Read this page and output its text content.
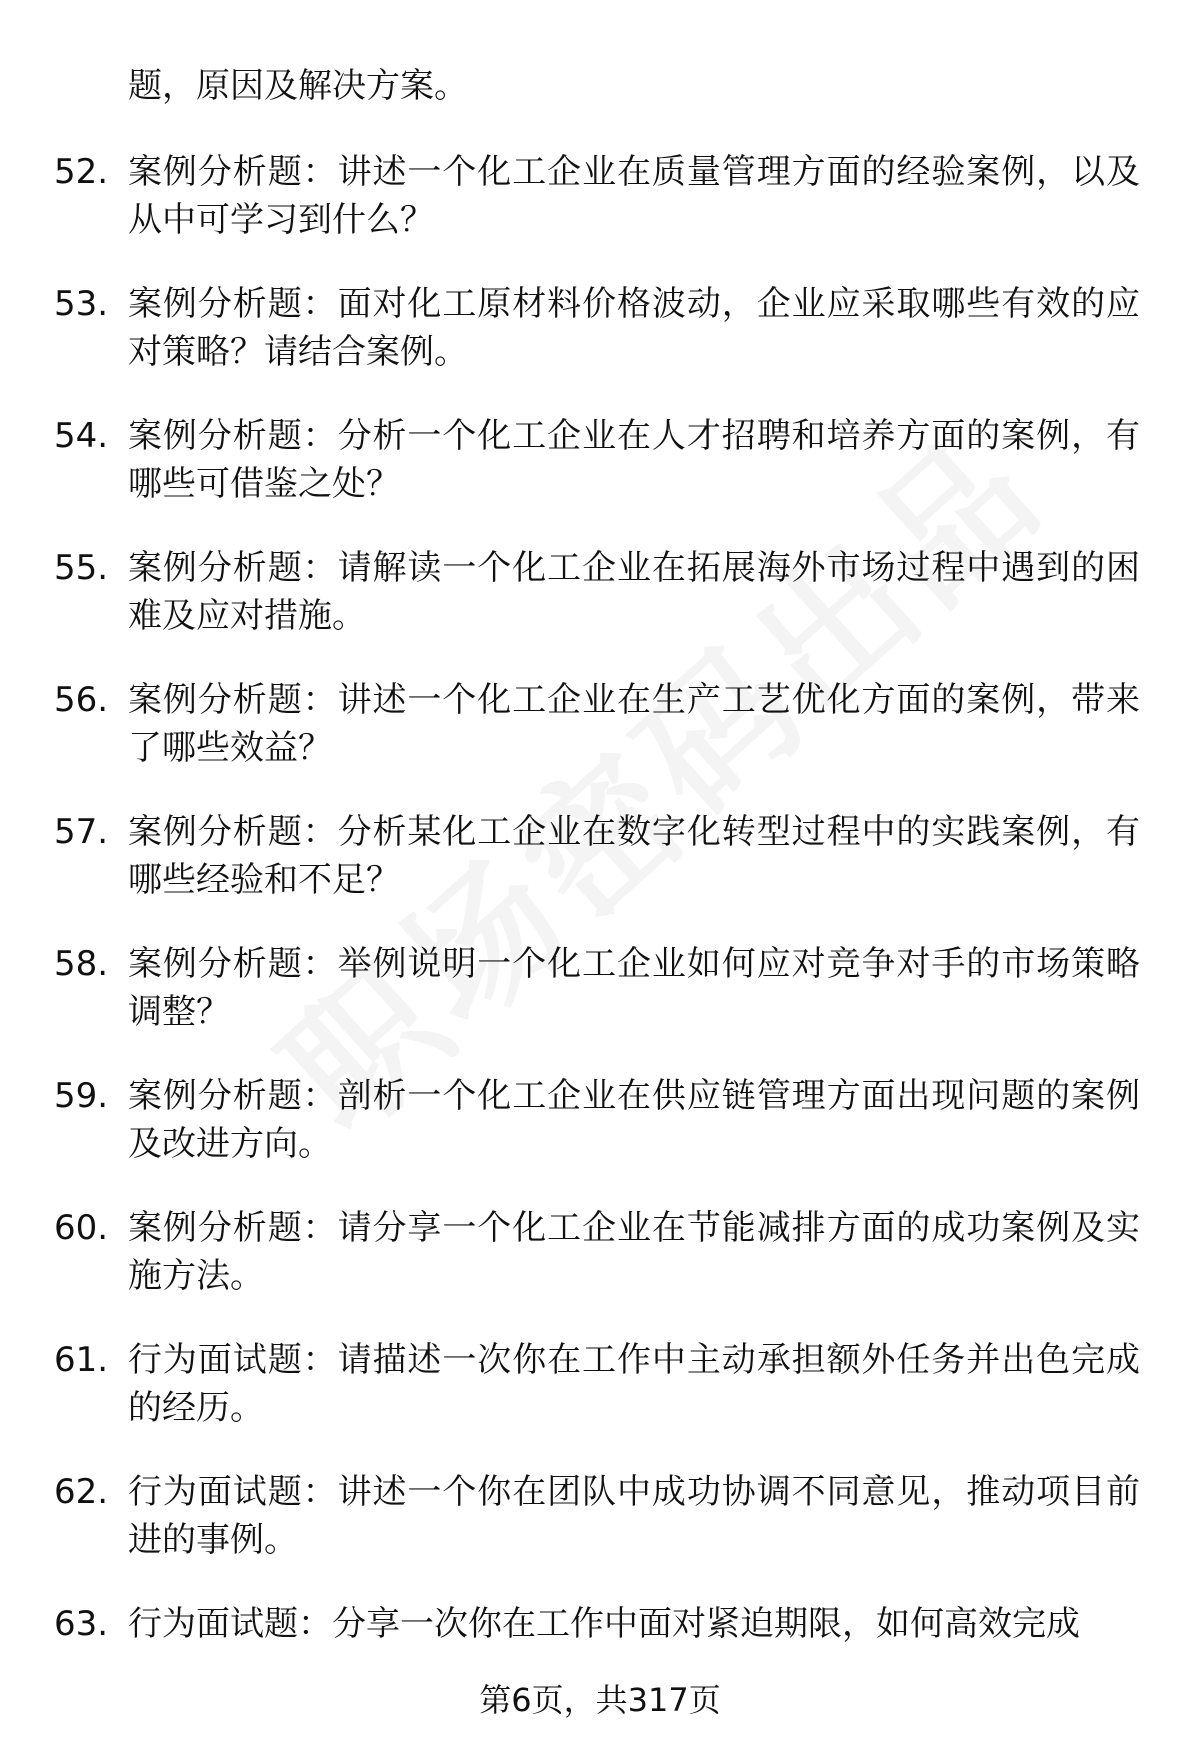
题，原因及解决方案。

52. 案例分析题：讲述一个化工企业在质量管理方面的经验案例，以及从中可学习到什么？
53. 案例分析题：面对化工原材料价格波动，企业应采取哪些有效的应对策略？请结合案例。
54. 案例分析题：分析一个化工企业在人才招聘和培养方面的案例，有哪些可借鉴之处？
55. 案例分析题：请解读一个化工企业在拓展海外市场过程中遇到的困难及应对措施。
56. 案例分析题：讲述一个化工企业在生产工艺优化方面的案例，带来了哪些效益？
57. 案例分析题：分析某化工企业在数字化转型过程中的实践案例，有哪些经验和不足？
58. 案例分析题：举例说明一个化工企业如何应对竞争对手的市场策略调整？
59. 案例分析题：剖析一个化工企业在供应链管理方面出现问题的案例及改进方向。
60. 案例分析题：请分享一个化工企业在节能减排方面的成功案例及实施方法。
61. 行为面试题：请描述一次你在工作中主动承担额外任务并出色完成的经历。
62. 行为面试题：讲述一个你在团队中成功协调不同意见，推动项目前进的事例。
63. 行为面试题：分享一次你在工作中面对紧迫期限，如何高效完成
第6页，共317页
